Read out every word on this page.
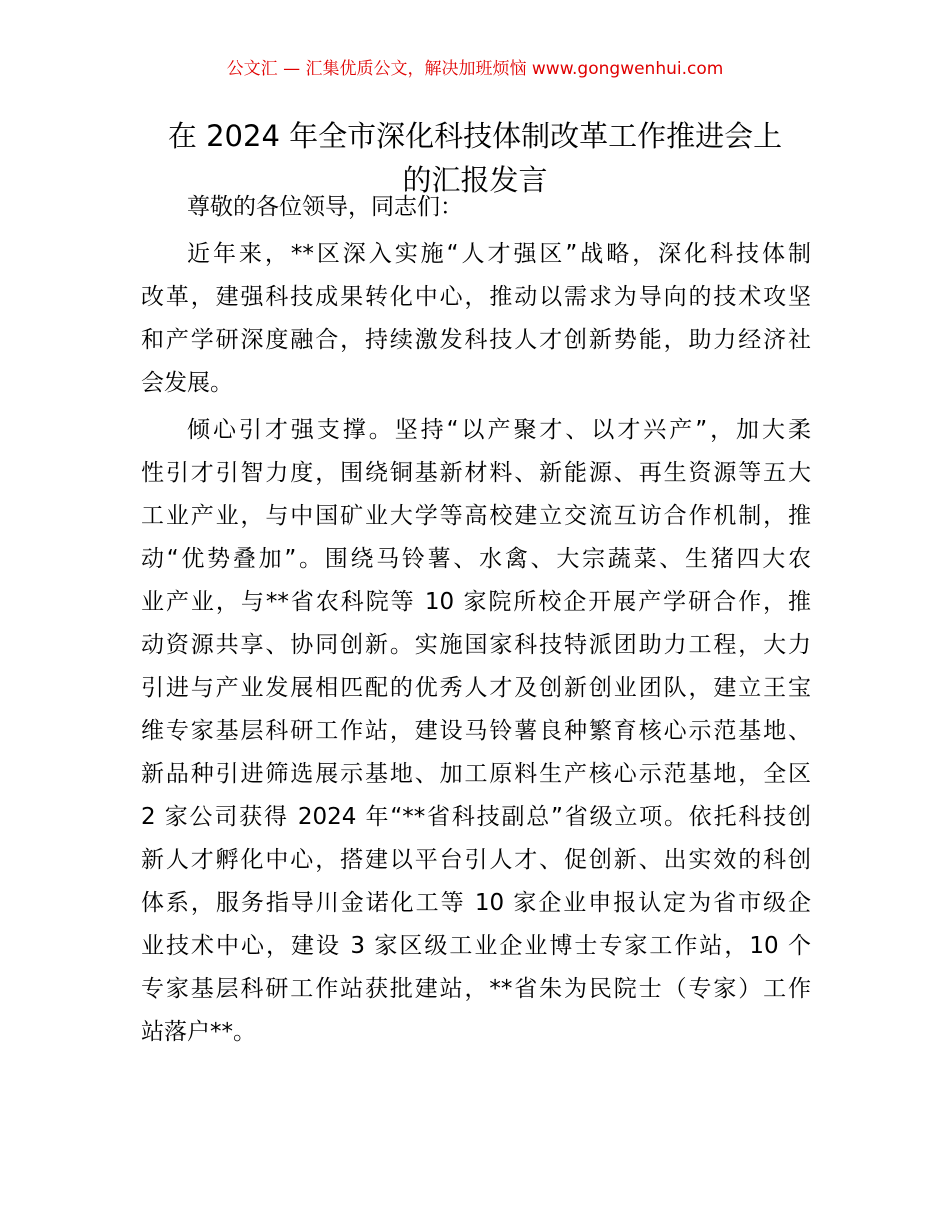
公文汇 — 汇集优质公文，解决加班烦恼 www.gongwenhui.com
在 2024 年全市深化科技体制改革工作推进会上
的汇报发言
尊敬的各位领导，同志们：
近年来，**区深入实施“人才强区”战略，深化科技体制
改革，建强科技成果转化中心，推动以需求为导向的技术攻坚
和产学研深度融合，持续激发科技人才创新势能，助力经济社
会发展。
倾心引才强支撑。坚持“以产聚才、以才兴产”，加大柔
性引才引智力度，围绕铜基新材料、新能源、再生资源等五大
工业产业，与中国矿业大学等高校建立交流互访合作机制，推
动“优势叠加”。围绕马铃薯、水禽、大宗蔬菜、生猪四大农
业产业，与**省农科院等 10 家院所校企开展产学研合作，推
动资源共享、协同创新。实施国家科技特派团助力工程，大力
引进与产业发展相匹配的优秀人才及创新创业团队，建立王宝
维专家基层科研工作站，建设马铃薯良种繁育核心示范基地、
新品种引进筛选展示基地、加工原料生产核心示范基地，全区
2 家公司获得 2024 年“**省科技副总”省级立项。依托科技创
新人才孵化中心，搭建以平台引人才、促创新、出实效的科创
体系，服务指导川金诺化工等 10 家企业申报认定为省市级企
业技术中心，建设 3 家区级工业企业博士专家工作站，10 个
专家基层科研工作站获批建站，**省朱为民院士（专家）工作
站落户**。
